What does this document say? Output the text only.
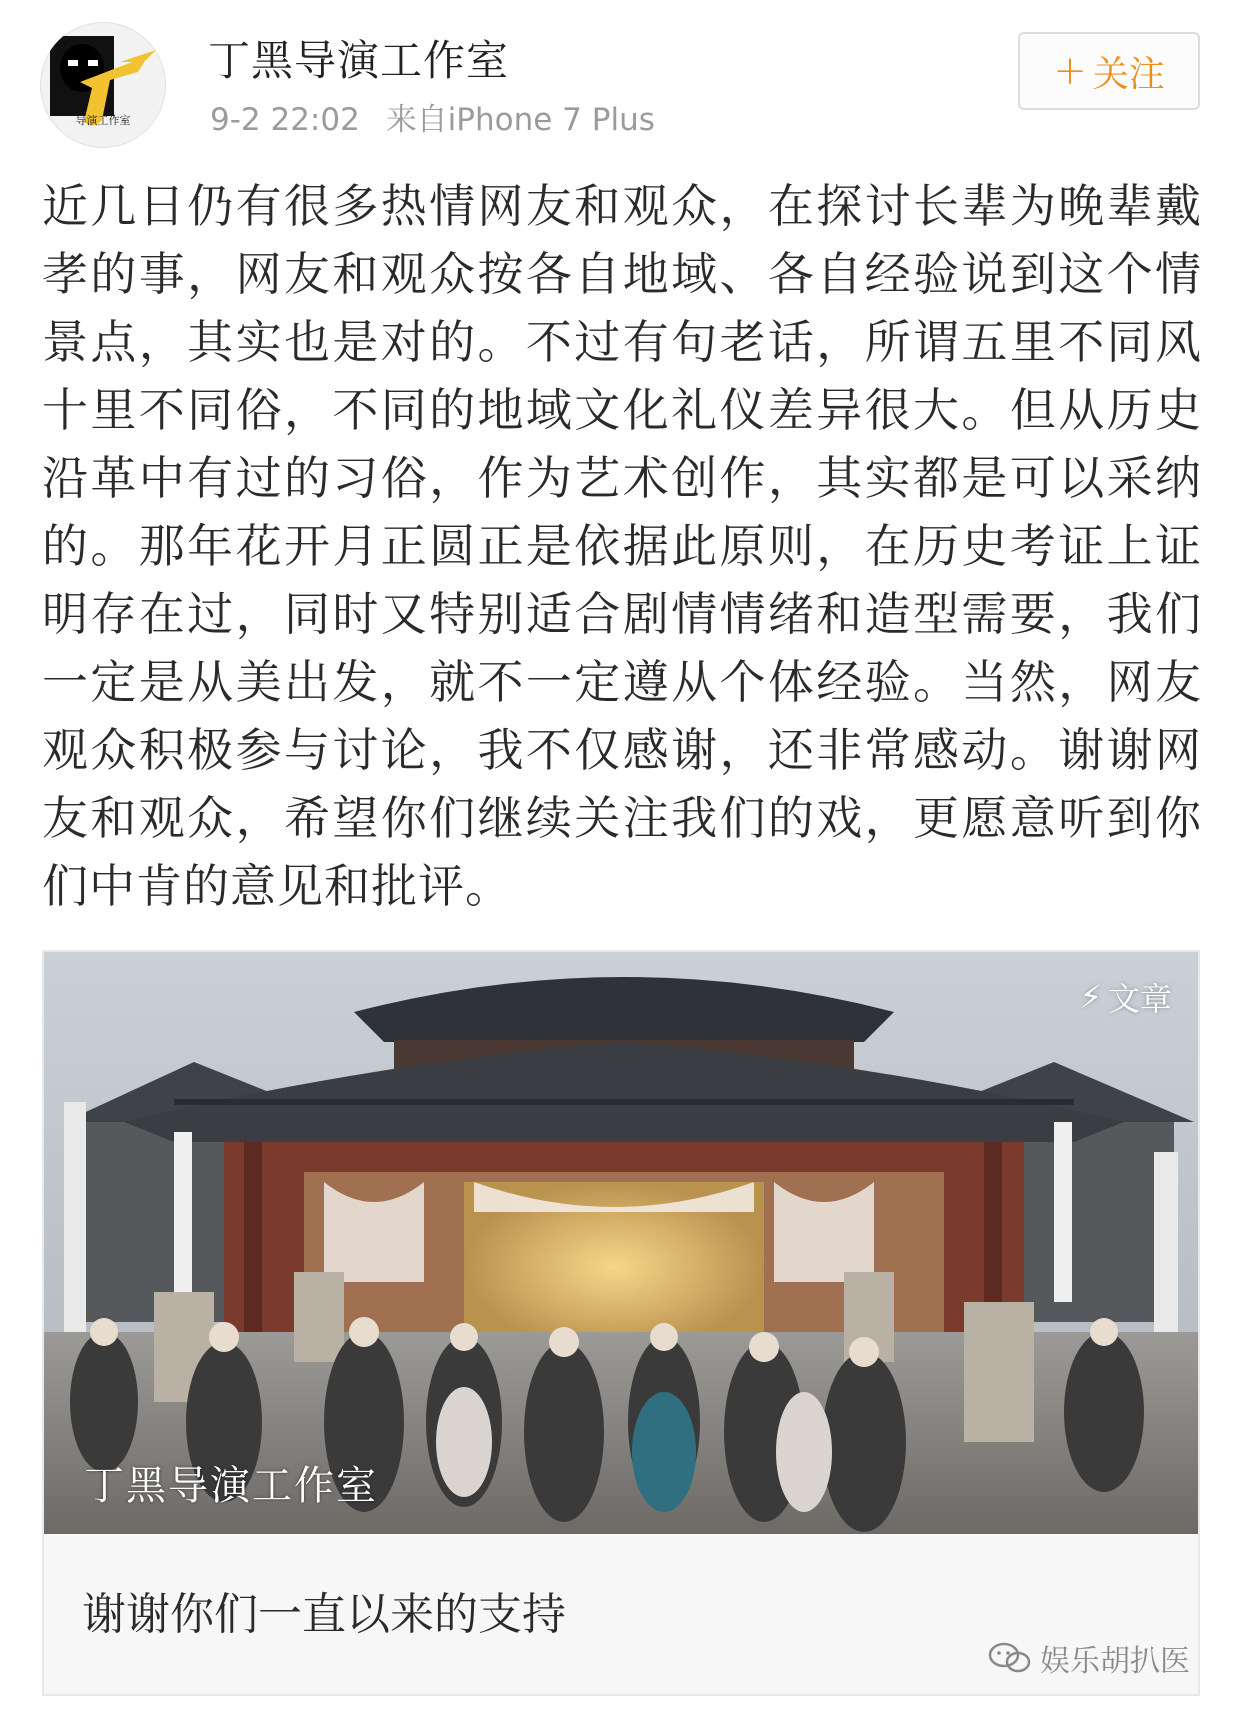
导演工作室
丁黑导演工作室
9-2 22:02 来自iPhone 7 Plus
+ 关注
近几日仍有很多热情网友和观众，在探讨长辈为晚辈戴孝的事，网友和观众按各自地域、各自经验说到这个情景点，其实也是对的。不过有句老话，所谓五里不同风十里不同俗，不同的地域文化礼仪差异很大。但从历史沿革中有过的习俗，作为艺术创作，其实都是可以采纳的。那年花开月正圆正是依据此原则，在历史考证上证明存在过，同时又特别适合剧情情绪和造型需要，我们一定是从美出发，就不一定遵从个体经验。当然，网友观众积极参与讨论，我不仅感谢，还非常感动。谢谢网友和观众，希望你们继续关注我们的戏，更愿意听到你们中肯的意见和批评。
⚡ 文章
丁黑导演工作室
谢谢你们一直以来的支持
娱乐胡扒医
